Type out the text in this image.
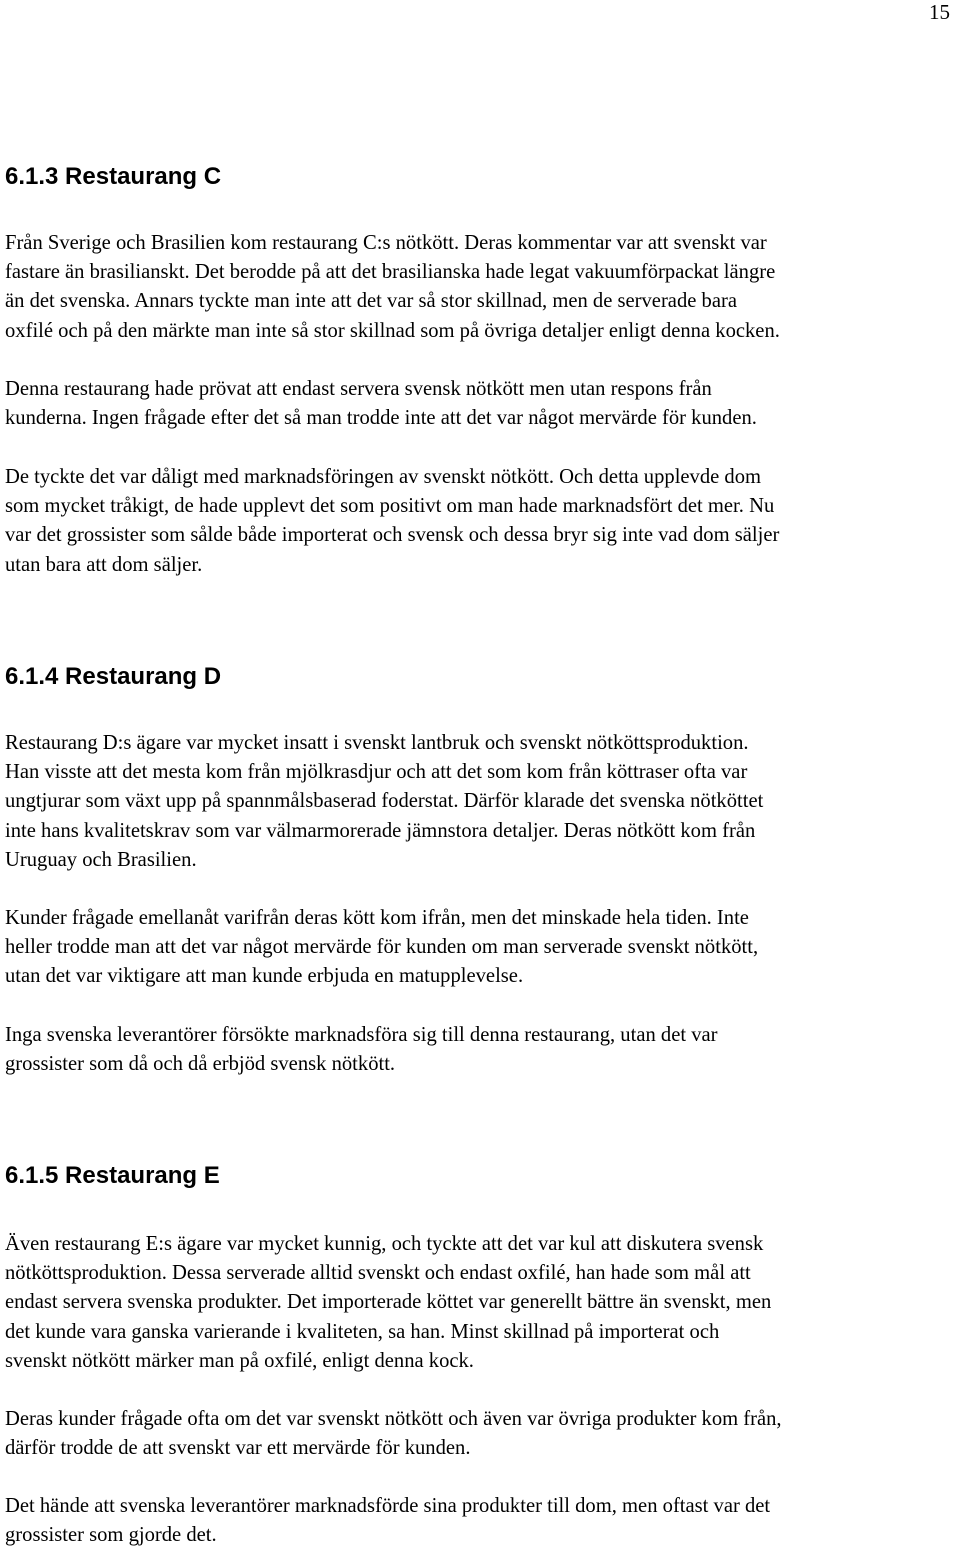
15
6.1.3 Restaurang C

Från Sverige och Brasilien kom restaurang C:s nötkött. Deras kommentar var att svenskt var
fastare än brasilianskt. Det berodde på att det brasilianska hade legat vakuumförpackat längre
än det svenska. Annars tyckte man inte att det var så stor skillnad, men de serverade bara
oxfilé och på den märkte man inte så stor skillnad som på övriga detaljer enligt denna kocken.

Denna restaurang hade prövat att endast servera svensk nötkött men utan respons från
kunderna. Ingen frågade efter det så man trodde inte att det var något mervärde för kunden.

De tyckte det var dåligt med marknadsföringen av svenskt nötkött. Och detta upplevde dom
som mycket tråkigt, de hade upplevt det som positivt om man hade marknadsfört det mer. Nu
var det grossister som sålde både importerat och svensk och dessa bryr sig inte vad dom säljer
utan bara att dom säljer.

6.1.4 Restaurang D

Restaurang D:s ägare var mycket insatt i svenskt lantbruk och svenskt nötköttsproduktion.
Han visste att det mesta kom från mjölkrasdjur och att det som kom från köttraser ofta var
ungtjurar som växt upp på spannmålsbaserad foderstat. Därför klarade det svenska nötköttet
inte hans kvalitetskrav som var välmarmorerade jämnstora detaljer. Deras nötkött kom från
Uruguay och Brasilien.

Kunder frågade emellanåt varifrån deras kött kom ifrån, men det minskade hela tiden. Inte
heller trodde man att det var något mervärde för kunden om man serverade svenskt nötkött,
utan det var viktigare att man kunde erbjuda en matupplevelse.

Inga svenska leverantörer försökte marknadsföra sig till denna restaurang, utan det var
grossister som då och då erbjöd svensk nötkött.

6.1.5 Restaurang E

Även restaurang E:s ägare var mycket kunnig, och tyckte att det var kul att diskutera svensk
nötköttsproduktion. Dessa serverade alltid svenskt och endast oxfilé, han hade som mål att
endast servera svenska produkter. Det importerade köttet var generellt bättre än svenskt, men
det kunde vara ganska varierande i kvaliteten, sa han. Minst skillnad på importerat och
svenskt nötkött märker man på oxfilé, enligt denna kock.

Deras kunder frågade ofta om det var svenskt nötkött och även var övriga produkter kom från,
därför trodde de att svenskt var ett mervärde för kunden.

Det hände att svenska leverantörer marknadsförde sina produkter till dom, men oftast var det
grossister som gjorde det.
